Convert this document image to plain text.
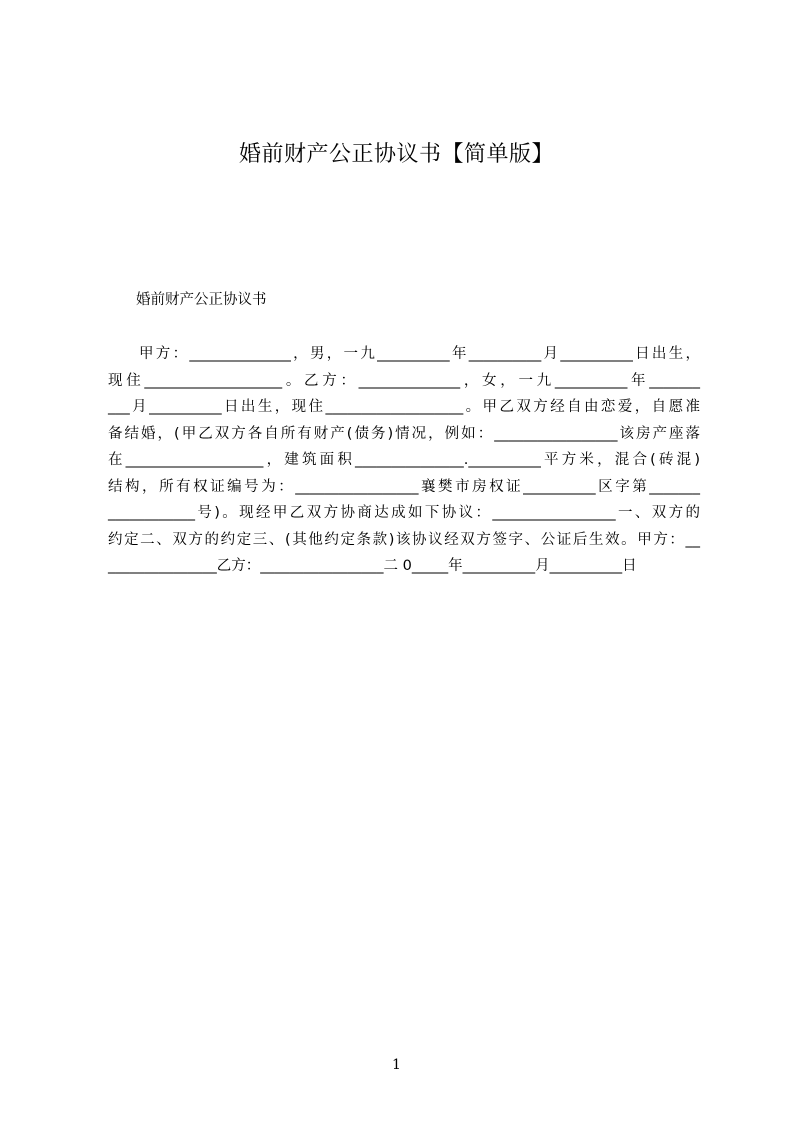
婚前财产公正协议书【简单版】
婚前财产公正协议书
甲方：______________，男，一九__________年__________月__________日出生，
现住___________________。乙方：______________，女，一九__________年_______
___月__________日出生，现住___________________。甲乙双方经自由恋爱，自愿准
备结婚，(甲乙双方各自所有财产(债务)情况，例如：_________________该房产座落
在___________________，建筑面积_______________.__________平方米，混合(砖混)
结构，所有权证编号为：_________________襄樊市房权证__________区字第_______
____________号)。现经甲乙双方协商达成如下协议：_________________一、双方的
约定二、双方的约定三、(其他约定条款)该协议经双方签字、公证后生效。甲方：__
_______________乙方：_________________二 0_____年__________月__________日
1
